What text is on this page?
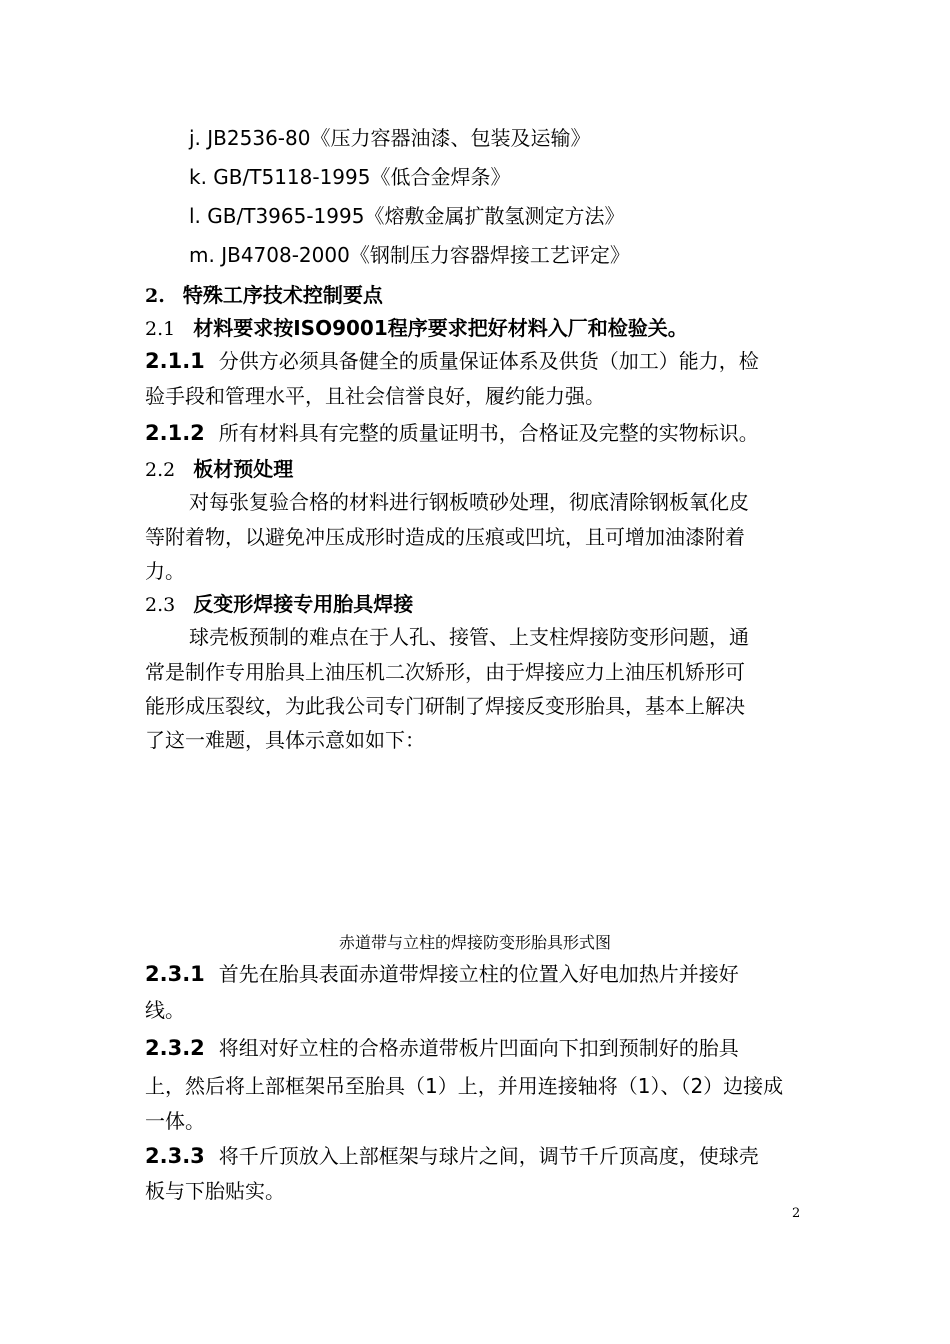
j. JB2536-80《压力容器油漆、包装及运输》
k. GB/T5118-1995《低合金焊条》
l. GB/T3965-1995《熔敷金属扩散氢测定方法》
m. JB4708-2000《钢制压力容器焊接工艺评定》
2. 特殊工序技术控制要点
2.1 材料要求按ISO9001程序要求把好材料入厂和检验关。
2.1.1 分供方必须具备健全的质量保证体系及供货（加工）能力，检
验手段和管理水平，且社会信誉良好，履约能力强。
2.1.2 所有材料具有完整的质量证明书，合格证及完整的实物标识。
2.2 板材预处理
对每张复验合格的材料进行钢板喷砂处理，彻底清除钢板氧化皮
等附着物，以避免冲压成形时造成的压痕或凹坑，且可增加油漆附着
力。
2.3 反变形焊接专用胎具焊接
球壳板预制的难点在于人孔、接管、上支柱焊接防变形问题，通
常是制作专用胎具上油压机二次矫形，由于焊接应力上油压机矫形可
能形成压裂纹，为此我公司专门研制了焊接反变形胎具，基本上解决
了这一难题，具体示意如如下：
赤道带与立柱的焊接防变形胎具形式图
2.3.1 首先在胎具表面赤道带焊接立柱的位置入好电加热片并接好
线。
2.3.2 将组对好立柱的合格赤道带板片凹面向下扣到预制好的胎具
上，然后将上部框架吊至胎具（1）上，并用连接轴将（1）、（2）边接成
一体。
2.3.3 将千斤顶放入上部框架与球片之间，调节千斤顶高度，使球壳
板与下胎贴实。
2
